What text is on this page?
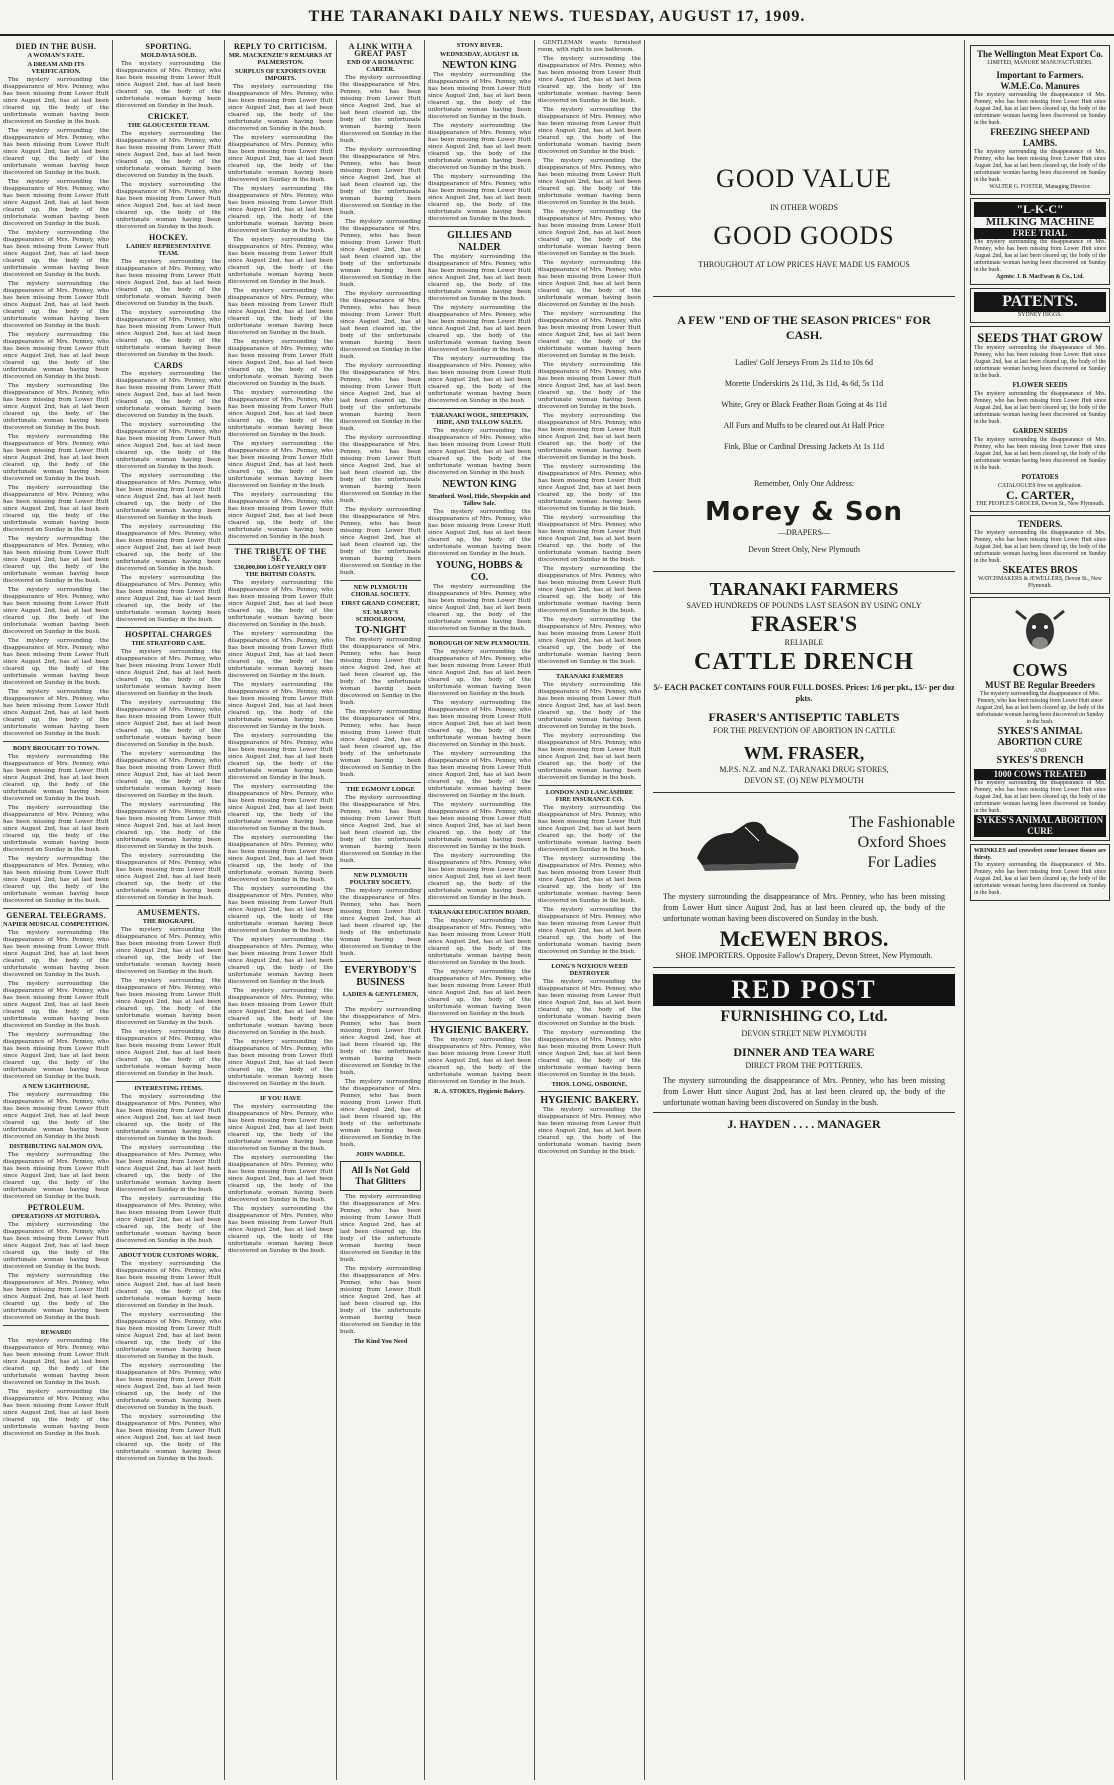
THE TARANAKI DAILY NEWS. TUESDAY, AUGUST 17, 1909.
DIED IN THE BUSH.
A WOMAN'S FATE.
A DREAM AND ITS VERIFICATION.

The mystery surrounding the disappearance of Mrs. Penney, who has been missing from Lower Hutt since August 2nd, has at last been cleared up, the body of the unfortunate woman having been discovered on Sunday in the bush.

The mystery surrounding the disappearance of Mrs. Penney, who has been missing from Lower Hutt since August 2nd, has at last been cleared up, the body of the unfortunate woman having been discovered on Sunday in the bush.

The mystery surrounding the disappearance of Mrs. Penney, who has been missing from Lower Hutt since August 2nd, has at last been cleared up, the body of the unfortunate woman having been discovered on Sunday in the bush.

The mystery surrounding the disappearance of Mrs. Penney, who has been missing from Lower Hutt since August 2nd, has at last been cleared up, the body of the unfortunate woman having been discovered on Sunday in the bush.

The mystery surrounding the disappearance of Mrs. Penney, who has been missing from Lower Hutt since August 2nd, has at last been cleared up, the body of the unfortunate woman having been discovered on Sunday in the bush.

The mystery surrounding the disappearance of Mrs. Penney, who has been missing from Lower Hutt since August 2nd, has at last been cleared up, the body of the unfortunate woman having been discovered on Sunday in the bush.

The mystery surrounding the disappearance of Mrs. Penney, who has been missing from Lower Hutt since August 2nd, has at last been cleared up, the body of the unfortunate woman having been discovered on Sunday in the bush.

The mystery surrounding the disappearance of Mrs. Penney, who has been missing from Lower Hutt since August 2nd, has at last been cleared up, the body of the unfortunate woman having been discovered on Sunday in the bush.

The mystery surrounding the disappearance of Mrs. Penney, who has been missing from Lower Hutt since August 2nd, has at last been cleared up, the body of the unfortunate woman having been discovered on Sunday in the bush.

The mystery surrounding the disappearance of Mrs. Penney, who has been missing from Lower Hutt since August 2nd, has at last been cleared up, the body of the unfortunate woman having been discovered on Sunday in the bush.

The mystery surrounding the disappearance of Mrs. Penney, who has been missing from Lower Hutt since August 2nd, has at last been cleared up, the body of the unfortunate woman having been discovered on Sunday in the bush.

The mystery surrounding the disappearance of Mrs. Penney, who has been missing from Lower Hutt since August 2nd, has at last been cleared up, the body of the unfortunate woman having been discovered on Sunday in the bush.

The mystery surrounding the disappearance of Mrs. Penney, who has been missing from Lower Hutt since August 2nd, has at last been cleared up, the body of the unfortunate woman having been discovered on Sunday in the bush.

BODY BROUGHT TO TOWN.

The mystery surrounding the disappearance of Mrs. Penney, who has been missing from Lower Hutt since August 2nd, has at last been cleared up, the body of the unfortunate woman having been discovered on Sunday in the bush.

The mystery surrounding the disappearance of Mrs. Penney, who has been missing from Lower Hutt since August 2nd, has at last been cleared up, the body of the unfortunate woman having been discovered on Sunday in the bush.

The mystery surrounding the disappearance of Mrs. Penney, who has been missing from Lower Hutt since August 2nd, has at last been cleared up, the body of the unfortunate woman having been discovered on Sunday in the bush.

GENERAL TELEGRAMS.
NAPIER MUSICAL COMPETITION.

The mystery surrounding the disappearance of Mrs. Penney, who has been missing from Lower Hutt since August 2nd, has at last been cleared up, the body of the unfortunate woman having been discovered on Sunday in the bush.

The mystery surrounding the disappearance of Mrs. Penney, who has been missing from Lower Hutt since August 2nd, has at last been cleared up, the body of the unfortunate woman having been discovered on Sunday in the bush.

The mystery surrounding the disappearance of Mrs. Penney, who has been missing from Lower Hutt since August 2nd, has at last been cleared up, the body of the unfortunate woman having been discovered on Sunday in the bush.

A NEW LIGHTHOUSE.

The mystery surrounding the disappearance of Mrs. Penney, who has been missing from Lower Hutt since August 2nd, has at last been cleared up, the body of the unfortunate woman having been discovered on Sunday in the bush.

DISTRIBUTING SALMON OVA.

The mystery surrounding the disappearance of Mrs. Penney, who has been missing from Lower Hutt since August 2nd, has at last been cleared up, the body of the unfortunate woman having been discovered on Sunday in the bush.

PETROLEUM.
OPERATIONS AT MOTUROA.

The mystery surrounding the disappearance of Mrs. Penney, who has been missing from Lower Hutt since August 2nd, has at last been cleared up, the body of the unfortunate woman having been discovered on Sunday in the bush.

The mystery surrounding the disappearance of Mrs. Penney, who has been missing from Lower Hutt since August 2nd, has at last been cleared up, the body of the unfortunate woman having been discovered on Sunday in the bush.

REWARD!

The mystery surrounding the disappearance of Mrs. Penney, who has been missing from Lower Hutt since August 2nd, has at last been cleared up, the body of the unfortunate woman having been discovered on Sunday in the bush.

The mystery surrounding the disappearance of Mrs. Penney, who has been missing from Lower Hutt since August 2nd, has at last been cleared up, the body of the unfortunate woman having been discovered on Sunday in the bush.

SPORTING.
MOLDAVIA SOLD.

The mystery surrounding the disappearance of Mrs. Penney, who has been missing from Lower Hutt since August 2nd, has at last been cleared up, the body of the unfortunate woman having been discovered on Sunday in the bush.

CRICKET.
THE GLOUCESTER TEAM.

The mystery surrounding the disappearance of Mrs. Penney, who has been missing from Lower Hutt since August 2nd, has at last been cleared up, the body of the unfortunate woman having been discovered on Sunday in the bush.

The mystery surrounding the disappearance of Mrs. Penney, who has been missing from Lower Hutt since August 2nd, has at last been cleared up, the body of the unfortunate woman having been discovered on Sunday in the bush.

HOCKEY.
LADIES' REPRESENTATIVE TEAM.

The mystery surrounding the disappearance of Mrs. Penney, who has been missing from Lower Hutt since August 2nd, has at last been cleared up, the body of the unfortunate woman having been discovered on Sunday in the bush.

The mystery surrounding the disappearance of Mrs. Penney, who has been missing from Lower Hutt since August 2nd, has at last been cleared up, the body of the unfortunate woman having been discovered on Sunday in the bush.

CARDS

The mystery surrounding the disappearance of Mrs. Penney, who has been missing from Lower Hutt since August 2nd, has at last been cleared up, the body of the unfortunate woman having been discovered on Sunday in the bush.

The mystery surrounding the disappearance of Mrs. Penney, who has been missing from Lower Hutt since August 2nd, has at last been cleared up, the body of the unfortunate woman having been discovered on Sunday in the bush.

The mystery surrounding the disappearance of Mrs. Penney, who has been missing from Lower Hutt since August 2nd, has at last been cleared up, the body of the unfortunate woman having been discovered on Sunday in the bush.

The mystery surrounding the disappearance of Mrs. Penney, who has been missing from Lower Hutt since August 2nd, has at last been cleared up, the body of the unfortunate woman having been discovered on Sunday in the bush.

The mystery surrounding the disappearance of Mrs. Penney, who has been missing from Lower Hutt since August 2nd, has at last been cleared up, the body of the unfortunate woman having been discovered on Sunday in the bush.

HOSPITAL CHARGES
THE STRATFORD CASE.

The mystery surrounding the disappearance of Mrs. Penney, who has been missing from Lower Hutt since August 2nd, has at last been cleared up, the body of the unfortunate woman having been discovered on Sunday in the bush.

The mystery surrounding the disappearance of Mrs. Penney, who has been missing from Lower Hutt since August 2nd, has at last been cleared up, the body of the unfortunate woman having been discovered on Sunday in the bush.

The mystery surrounding the disappearance of Mrs. Penney, who has been missing from Lower Hutt since August 2nd, has at last been cleared up, the body of the unfortunate woman having been discovered on Sunday in the bush.

The mystery surrounding the disappearance of Mrs. Penney, who has been missing from Lower Hutt since August 2nd, has at last been cleared up, the body of the unfortunate woman having been discovered on Sunday in the bush.

The mystery surrounding the disappearance of Mrs. Penney, who has been missing from Lower Hutt since August 2nd, has at last been cleared up, the body of the unfortunate woman having been discovered on Sunday in the bush.

AMUSEMENTS.
THE BIOGRAPH.

The mystery surrounding the disappearance of Mrs. Penney, who has been missing from Lower Hutt since August 2nd, has at last been cleared up, the body of the unfortunate woman having been discovered on Sunday in the bush.

The mystery surrounding the disappearance of Mrs. Penney, who has been missing from Lower Hutt since August 2nd, has at last been cleared up, the body of the unfortunate woman having been discovered on Sunday in the bush.

The mystery surrounding the disappearance of Mrs. Penney, who has been missing from Lower Hutt since August 2nd, has at last been cleared up, the body of the unfortunate woman having been discovered on Sunday in the bush.

INTERESTING ITEMS.

The mystery surrounding the disappearance of Mrs. Penney, who has been missing from Lower Hutt since August 2nd, has at last been cleared up, the body of the unfortunate woman having been discovered on Sunday in the bush.

The mystery surrounding the disappearance of Mrs. Penney, who has been missing from Lower Hutt since August 2nd, has at last been cleared up, the body of the unfortunate woman having been discovered on Sunday in the bush.

The mystery surrounding the disappearance of Mrs. Penney, who has been missing from Lower Hutt since August 2nd, has at last been cleared up, the body of the unfortunate woman having been discovered on Sunday in the bush.

ABOUT YOUR CUSTOMS WORK.

The mystery surrounding the disappearance of Mrs. Penney, who has been missing from Lower Hutt since August 2nd, has at last been cleared up, the body of the unfortunate woman having been discovered on Sunday in the bush.

The mystery surrounding the disappearance of Mrs. Penney, who has been missing from Lower Hutt since August 2nd, has at last been cleared up, the body of the unfortunate woman having been discovered on Sunday in the bush.

The mystery surrounding the disappearance of Mrs. Penney, who has been missing from Lower Hutt since August 2nd, has at last been cleared up, the body of the unfortunate woman having been discovered on Sunday in the bush.

The mystery surrounding the disappearance of Mrs. Penney, who has been missing from Lower Hutt since August 2nd, has at last been cleared up, the body of the unfortunate woman having been discovered on Sunday in the bush.

REPLY TO CRITICISM.
MR. MACKENZIE'S REMARKS AT PALMERSTON.
SURPLUS OF EXPORTS OVER IMPORTS.

The mystery surrounding the disappearance of Mrs. Penney, who has been missing from Lower Hutt since August 2nd, has at last been cleared up, the body of the unfortunate woman having been discovered on Sunday in the bush.

The mystery surrounding the disappearance of Mrs. Penney, who has been missing from Lower Hutt since August 2nd, has at last been cleared up, the body of the unfortunate woman having been discovered on Sunday in the bush.

The mystery surrounding the disappearance of Mrs. Penney, who has been missing from Lower Hutt since August 2nd, has at last been cleared up, the body of the unfortunate woman having been discovered on Sunday in the bush.

The mystery surrounding the disappearance of Mrs. Penney, who has been missing from Lower Hutt since August 2nd, has at last been cleared up, the body of the unfortunate woman having been discovered on Sunday in the bush.

The mystery surrounding the disappearance of Mrs. Penney, who has been missing from Lower Hutt since August 2nd, has at last been cleared up, the body of the unfortunate woman having been discovered on Sunday in the bush.

The mystery surrounding the disappearance of Mrs. Penney, who has been missing from Lower Hutt since August 2nd, has at last been cleared up, the body of the unfortunate woman having been discovered on Sunday in the bush.

The mystery surrounding the disappearance of Mrs. Penney, who has been missing from Lower Hutt since August 2nd, has at last been cleared up, the body of the unfortunate woman having been discovered on Sunday in the bush.

The mystery surrounding the disappearance of Mrs. Penney, who has been missing from Lower Hutt since August 2nd, has at last been cleared up, the body of the unfortunate woman having been discovered on Sunday in the bush.

The mystery surrounding the disappearance of Mrs. Penney, who has been missing from Lower Hutt since August 2nd, has at last been cleared up, the body of the unfortunate woman having been discovered on Sunday in the bush.

THE TRIBUTE OF THE SEA.
£30,000,000 LOST YEARLY OFF THE BRITISH COASTS.

The mystery surrounding the disappearance of Mrs. Penney, who has been missing from Lower Hutt since August 2nd, has at last been cleared up, the body of the unfortunate woman having been discovered on Sunday in the bush.

The mystery surrounding the disappearance of Mrs. Penney, who has been missing from Lower Hutt since August 2nd, has at last been cleared up, the body of the unfortunate woman having been discovered on Sunday in the bush.

The mystery surrounding the disappearance of Mrs. Penney, who has been missing from Lower Hutt since August 2nd, has at last been cleared up, the body of the unfortunate woman having been discovered on Sunday in the bush.

The mystery surrounding the disappearance of Mrs. Penney, who has been missing from Lower Hutt since August 2nd, has at last been cleared up, the body of the unfortunate woman having been discovered on Sunday in the bush.

The mystery surrounding the disappearance of Mrs. Penney, who has been missing from Lower Hutt since August 2nd, has at last been cleared up, the body of the unfortunate woman having been discovered on Sunday in the bush.

The mystery surrounding the disappearance of Mrs. Penney, who has been missing from Lower Hutt since August 2nd, has at last been cleared up, the body of the unfortunate woman having been discovered on Sunday in the bush.

The mystery surrounding the disappearance of Mrs. Penney, who has been missing from Lower Hutt since August 2nd, has at last been cleared up, the body of the unfortunate woman having been discovered on Sunday in the bush.

The mystery surrounding the disappearance of Mrs. Penney, who has been missing from Lower Hutt since August 2nd, has at last been cleared up, the body of the unfortunate woman having been discovered on Sunday in the bush.

The mystery surrounding the disappearance of Mrs. Penney, who has been missing from Lower Hutt since August 2nd, has at last been cleared up, the body of the unfortunate woman having been discovered on Sunday in the bush.

The mystery surrounding the disappearance of Mrs. Penney, who has been missing from Lower Hutt since August 2nd, has at last been cleared up, the body of the unfortunate woman having been discovered on Sunday in the bush.

IF YOU HAVE

The mystery surrounding the disappearance of Mrs. Penney, who has been missing from Lower Hutt since August 2nd, has at last been cleared up, the body of the unfortunate woman having been discovered on Sunday in the bush.

The mystery surrounding the disappearance of Mrs. Penney, who has been missing from Lower Hutt since August 2nd, has at last been cleared up, the body of the unfortunate woman having been discovered on Sunday in the bush.

The mystery surrounding the disappearance of Mrs. Penney, who has been missing from Lower Hutt since August 2nd, has at last been cleared up, the body of the unfortunate woman having been discovered on Sunday in the bush.

A LINK WITH A GREAT PAST
END OF A ROMANTIC CAREER.

The mystery surrounding the disappearance of Mrs. Penney, who has been missing from Lower Hutt since August 2nd, has at last been cleared up, the body of the unfortunate woman having been discovered on Sunday in the bush.

The mystery surrounding the disappearance of Mrs. Penney, who has been missing from Lower Hutt since August 2nd, has at last been cleared up, the body of the unfortunate woman having been discovered on Sunday in the bush.

The mystery surrounding the disappearance of Mrs. Penney, who has been missing from Lower Hutt since August 2nd, has at last been cleared up, the body of the unfortunate woman having been discovered on Sunday in the bush.

The mystery surrounding the disappearance of Mrs. Penney, who has been missing from Lower Hutt since August 2nd, has at last been cleared up, the body of the unfortunate woman having been discovered on Sunday in the bush.

The mystery surrounding the disappearance of Mrs. Penney, who has been missing from Lower Hutt since August 2nd, has at last been cleared up, the body of the unfortunate woman having been discovered on Sunday in the bush.

The mystery surrounding the disappearance of Mrs. Penney, who has been missing from Lower Hutt since August 2nd, has at last been cleared up, the body of the unfortunate woman having been discovered on Sunday in the bush.

The mystery surrounding the disappearance of Mrs. Penney, who has been missing from Lower Hutt since August 2nd, has at last been cleared up, the body of the unfortunate woman having been discovered on Sunday in the bush.

NEW PLYMOUTH CHORAL SOCIETY.
FIRST GRAND CONCERT,
ST. MARY'S SCHOOLROOM,
TO-NIGHT

The mystery surrounding the disappearance of Mrs. Penney, who has been missing from Lower Hutt since August 2nd, has at last been cleared up, the body of the unfortunate woman having been discovered on Sunday in the bush.

The mystery surrounding the disappearance of Mrs. Penney, who has been missing from Lower Hutt since August 2nd, has at last been cleared up, the body of the unfortunate woman having been discovered on Sunday in the bush.

THE EGMONT LODGE

The mystery surrounding the disappearance of Mrs. Penney, who has been missing from Lower Hutt since August 2nd, has at last been cleared up, the body of the unfortunate woman having been discovered on Sunday in the bush.

NEW PLYMOUTH POULTRY SOCIETY.

The mystery surrounding the disappearance of Mrs. Penney, who has been missing from Lower Hutt since August 2nd, has at last been cleared up, the body of the unfortunate woman having been discovered on Sunday in the bush.

EVERYBODY'S BUSINESS
LADIES & GENTLEMEN,—

The mystery surrounding the disappearance of Mrs. Penney, who has been missing from Lower Hutt since August 2nd, has at last been cleared up, the body of the unfortunate woman having been discovered on Sunday in the bush.

The mystery surrounding the disappearance of Mrs. Penney, who has been missing from Lower Hutt since August 2nd, has at last been cleared up, the body of the unfortunate woman having been discovered on Sunday in the bush.

JOHN WADDLE.
All Is Not Gold That Glitters

The mystery surrounding the disappearance of Mrs. Penney, who has been missing from Lower Hutt since August 2nd, has at last been cleared up, the body of the unfortunate woman having been discovered on Sunday in the bush.

The mystery surrounding the disappearance of Mrs. Penney, who has been missing from Lower Hutt since August 2nd, has at last been cleared up, the body of the unfortunate woman having been discovered on Sunday in the bush.

The Kind You Need
STONY RIVER.
WEDNESDAY, AUGUST 18.
NEWTON KING

The mystery surrounding the disappearance of Mrs. Penney, who has been missing from Lower Hutt since August 2nd, has at last been cleared up, the body of the unfortunate woman having been discovered on Sunday in the bush.

The mystery surrounding the disappearance of Mrs. Penney, who has been missing from Lower Hutt since August 2nd, has at last been cleared up, the body of the unfortunate woman having been discovered on Sunday in the bush.

The mystery surrounding the disappearance of Mrs. Penney, who has been missing from Lower Hutt since August 2nd, has at last been cleared up, the body of the unfortunate woman having been discovered on Sunday in the bush.

GILLIES AND NALDER

The mystery surrounding the disappearance of Mrs. Penney, who has been missing from Lower Hutt since August 2nd, has at last been cleared up, the body of the unfortunate woman having been discovered on Sunday in the bush.

The mystery surrounding the disappearance of Mrs. Penney, who has been missing from Lower Hutt since August 2nd, has at last been cleared up, the body of the unfortunate woman having been discovered on Sunday in the bush.

The mystery surrounding the disappearance of Mrs. Penney, who has been missing from Lower Hutt since August 2nd, has at last been cleared up, the body of the unfortunate woman having been discovered on Sunday in the bush.

TARANAKI WOOL, SHEEPSKIN, HIDE, AND TALLOW SALES.

The mystery surrounding the disappearance of Mrs. Penney, who has been missing from Lower Hutt since August 2nd, has at last been cleared up, the body of the unfortunate woman having been discovered on Sunday in the bush.

NEWTON KING
Stratford. Wool, Hide, Sheepskin and Tallow Sale.

The mystery surrounding the disappearance of Mrs. Penney, who has been missing from Lower Hutt since August 2nd, has at last been cleared up, the body of the unfortunate woman having been discovered on Sunday in the bush.

YOUNG, HOBBS & CO.

The mystery surrounding the disappearance of Mrs. Penney, who has been missing from Lower Hutt since August 2nd, has at last been cleared up, the body of the unfortunate woman having been discovered on Sunday in the bush.

BOROUGH OF NEW PLYMOUTH.

The mystery surrounding the disappearance of Mrs. Penney, who has been missing from Lower Hutt since August 2nd, has at last been cleared up, the body of the unfortunate woman having been discovered on Sunday in the bush.

The mystery surrounding the disappearance of Mrs. Penney, who has been missing from Lower Hutt since August 2nd, has at last been cleared up, the body of the unfortunate woman having been discovered on Sunday in the bush.

The mystery surrounding the disappearance of Mrs. Penney, who has been missing from Lower Hutt since August 2nd, has at last been cleared up, the body of the unfortunate woman having been discovered on Sunday in the bush.

The mystery surrounding the disappearance of Mrs. Penney, who has been missing from Lower Hutt since August 2nd, has at last been cleared up, the body of the unfortunate woman having been discovered on Sunday in the bush.

The mystery surrounding the disappearance of Mrs. Penney, who has been missing from Lower Hutt since August 2nd, has at last been cleared up, the body of the unfortunate woman having been discovered on Sunday in the bush.

TARANAKI EDUCATION BOARD.

The mystery surrounding the disappearance of Mrs. Penney, who has been missing from Lower Hutt since August 2nd, has at last been cleared up, the body of the unfortunate woman having been discovered on Sunday in the bush.

The mystery surrounding the disappearance of Mrs. Penney, who has been missing from Lower Hutt since August 2nd, has at last been cleared up, the body of the unfortunate woman having been discovered on Sunday in the bush.

HYGIENIC BAKERY.

The mystery surrounding the disappearance of Mrs. Penney, who has been missing from Lower Hutt since August 2nd, has at last been cleared up, the body of the unfortunate woman having been discovered on Sunday in the bush.

R. A. STOKES, Hygienic Bakery.

GENTLEMAN wants furnished room, with right to use bathroom.

The mystery surrounding the disappearance of Mrs. Penney, who has been missing from Lower Hutt since August 2nd, has at last been cleared up, the body of the unfortunate woman having been discovered on Sunday in the bush.

The mystery surrounding the disappearance of Mrs. Penney, who has been missing from Lower Hutt since August 2nd, has at last been cleared up, the body of the unfortunate woman having been discovered on Sunday in the bush.

The mystery surrounding the disappearance of Mrs. Penney, who has been missing from Lower Hutt since August 2nd, has at last been cleared up, the body of the unfortunate woman having been discovered on Sunday in the bush.

The mystery surrounding the disappearance of Mrs. Penney, who has been missing from Lower Hutt since August 2nd, has at last been cleared up, the body of the unfortunate woman having been discovered on Sunday in the bush.

The mystery surrounding the disappearance of Mrs. Penney, who has been missing from Lower Hutt since August 2nd, has at last been cleared up, the body of the unfortunate woman having been discovered on Sunday in the bush.

The mystery surrounding the disappearance of Mrs. Penney, who has been missing from Lower Hutt since August 2nd, has at last been cleared up, the body of the unfortunate woman having been discovered on Sunday in the bush.

The mystery surrounding the disappearance of Mrs. Penney, who has been missing from Lower Hutt since August 2nd, has at last been cleared up, the body of the unfortunate woman having been discovered on Sunday in the bush.

The mystery surrounding the disappearance of Mrs. Penney, who has been missing from Lower Hutt since August 2nd, has at last been cleared up, the body of the unfortunate woman having been discovered on Sunday in the bush.

The mystery surrounding the disappearance of Mrs. Penney, who has been missing from Lower Hutt since August 2nd, has at last been cleared up, the body of the unfortunate woman having been discovered on Sunday in the bush.

The mystery surrounding the disappearance of Mrs. Penney, who has been missing from Lower Hutt since August 2nd, has at last been cleared up, the body of the unfortunate woman having been discovered on Sunday in the bush.

The mystery surrounding the disappearance of Mrs. Penney, who has been missing from Lower Hutt since August 2nd, has at last been cleared up, the body of the unfortunate woman having been discovered on Sunday in the bush.

The mystery surrounding the disappearance of Mrs. Penney, who has been missing from Lower Hutt since August 2nd, has at last been cleared up, the body of the unfortunate woman having been discovered on Sunday in the bush.

TARANAKI FARMERS

The mystery surrounding the disappearance of Mrs. Penney, who has been missing from Lower Hutt since August 2nd, has at last been cleared up, the body of the unfortunate woman having been discovered on Sunday in the bush.

The mystery surrounding the disappearance of Mrs. Penney, who has been missing from Lower Hutt since August 2nd, has at last been cleared up, the body of the unfortunate woman having been discovered on Sunday in the bush.

LONDON AND LANCASHIRE FIRE INSURANCE CO.

The mystery surrounding the disappearance of Mrs. Penney, who has been missing from Lower Hutt since August 2nd, has at last been cleared up, the body of the unfortunate woman having been discovered on Sunday in the bush.

The mystery surrounding the disappearance of Mrs. Penney, who has been missing from Lower Hutt since August 2nd, has at last been cleared up, the body of the unfortunate woman having been discovered on Sunday in the bush.

The mystery surrounding the disappearance of Mrs. Penney, who has been missing from Lower Hutt since August 2nd, has at last been cleared up, the body of the unfortunate woman having been discovered on Sunday in the bush.

LONG'S NOXIOUS WEED DESTROYER

The mystery surrounding the disappearance of Mrs. Penney, who has been missing from Lower Hutt since August 2nd, has at last been cleared up, the body of the unfortunate woman having been discovered on Sunday in the bush.

The mystery surrounding the disappearance of Mrs. Penney, who has been missing from Lower Hutt since August 2nd, has at last been cleared up, the body of the unfortunate woman having been discovered on Sunday in the bush.

THOS. LONG, OSBORNE.
HYGIENIC BAKERY.

The mystery surrounding the disappearance of Mrs. Penney, who has been missing from Lower Hutt since August 2nd, has at last been cleared up, the body of the unfortunate woman having been discovered on Sunday in the bush.

GOOD VALUE
IN OTHER WORDS
GOOD GOODS
THROUGHOUT AT LOW PRICES HAVE MADE US FAMOUS
A FEW "END OF THE SEASON PRICES" FOR CASH.
Ladies' Golf Jerseys From 2s 11d to 10s 6d
Morette Underskirts 2s 11d, 3s 11d, 4s 6d, 5s 11d
White, Grey or Black Feather Boas Going at 4s 11d
All Furs and Muffs to be cleared out At Half Price
Fink, Blue or Cardinal Dressing Jackets At 1s 11d
Remember, Only One Address:
Morey & Son
—DRAPERS—
Devon Street Only, New Plymouth
TARANAKI FARMERS
SAVED HUNDREDS OF POUNDS LAST SEASON BY USING ONLY
FRASER'S
RELIABLE
CATTLE DRENCH
5/- EACH PACKET CONTAINS FOUR FULL DOSES. Prices: 1/6 per pkt., 15/- per doz pkts.
FRASER'S ANTISEPTIC TABLETS
FOR THE PREVENTION OF ABORTION IN CATTLE
WM. FRASER,
M.P.S. N.Z. and N.Z. TARANAKI DRUG STORES,
DEVON ST. (O) NEW PLYMOUTH
The Fashionable
Oxford Shoes
For Ladies
The mystery surrounding the disappearance of Mrs. Penney, who has been missing from Lower Hutt since August 2nd, has at last been cleared up, the body of the unfortunate woman having been discovered on Sunday in the bush.
McEWEN BROS.
SHOE IMPORTERS. Opposite Fallow's Drapery, Devon Street, New Plymouth.
RED POST
FURNISHING CO, Ltd.
DEVON STREET NEW PLYMOUTH
DINNER AND TEA WARE
DIRECT FROM THE POTTERIES.
The mystery surrounding the disappearance of Mrs. Penney, who has been missing from Lower Hutt since August 2nd, has at last been cleared up, the body of the unfortunate woman having been discovered on Sunday in the bush.
J. HAYDEN . . . . MANAGER
The Wellington Meat Export Co.
LIMITED, MANURE MANUFACTURERS.
Important to Farmers.
W.M.E.Co. Manures
The mystery surrounding the disappearance of Mrs. Penney, who has been missing from Lower Hutt since August 2nd, has at last been cleared up, the body of the unfortunate woman having been discovered on Sunday in the bush.
FREEZING SHEEP AND LAMBS.
The mystery surrounding the disappearance of Mrs. Penney, who has been missing from Lower Hutt since August 2nd, has at last been cleared up, the body of the unfortunate woman having been discovered on Sunday in the bush.
WALTER G. FOSTER, Managing Director.
"L-K-C"
MILKING MACHINE
FREE TRIAL
The mystery surrounding the disappearance of Mrs. Penney, who has been missing from Lower Hutt since August 2nd, has at last been cleared up, the body of the unfortunate woman having been discovered on Sunday in the bush.
Agents: J. B. MacEwan & Co., Ltd.
PATENTS.
SYDNEY HIGGS.
SEEDS THAT GROW
The mystery surrounding the disappearance of Mrs. Penney, who has been missing from Lower Hutt since August 2nd, has at last been cleared up, the body of the unfortunate woman having been discovered on Sunday in the bush.
FLOWER SEEDS
The mystery surrounding the disappearance of Mrs. Penney, who has been missing from Lower Hutt since August 2nd, has at last been cleared up, the body of the unfortunate woman having been discovered on Sunday in the bush.
GARDEN SEEDS
The mystery surrounding the disappearance of Mrs. Penney, who has been missing from Lower Hutt since August 2nd, has at last been cleared up, the body of the unfortunate woman having been discovered on Sunday in the bush.
POTATOES
CATALOGUES free on application.
C. CARTER,
THE PEOPLE'S GROCER, Devon St., New Plymouth.
TENDERS.
The mystery surrounding the disappearance of Mrs. Penney, who has been missing from Lower Hutt since August 2nd, has at last been cleared up, the body of the unfortunate woman having been discovered on Sunday in the bush.
SKEATES BROS
WATCHMAKERS & JEWELLERS, Devon St., New Plymouth.
COWS
MUST BE Regular Breeders
The mystery surrounding the disappearance of Mrs. Penney, who has been missing from Lower Hutt since August 2nd, has at last been cleared up, the body of the unfortunate woman having been discovered on Sunday in the bush.
SYKES'S ANIMAL ABORTION CURE
AND
SYKES'S DRENCH
1000 COWS TREATED
The mystery surrounding the disappearance of Mrs. Penney, who has been missing from Lower Hutt since August 2nd, has at last been cleared up, the body of the unfortunate woman having been discovered on Sunday in the bush.
SYKES'S ANIMAL ABORTION CURE
WRINKLES and crowsfeet come because tissues are thirsty.
The mystery surrounding the disappearance of Mrs. Penney, who has been missing from Lower Hutt since August 2nd, has at last been cleared up, the body of the unfortunate woman having been discovered on Sunday in the bush.
